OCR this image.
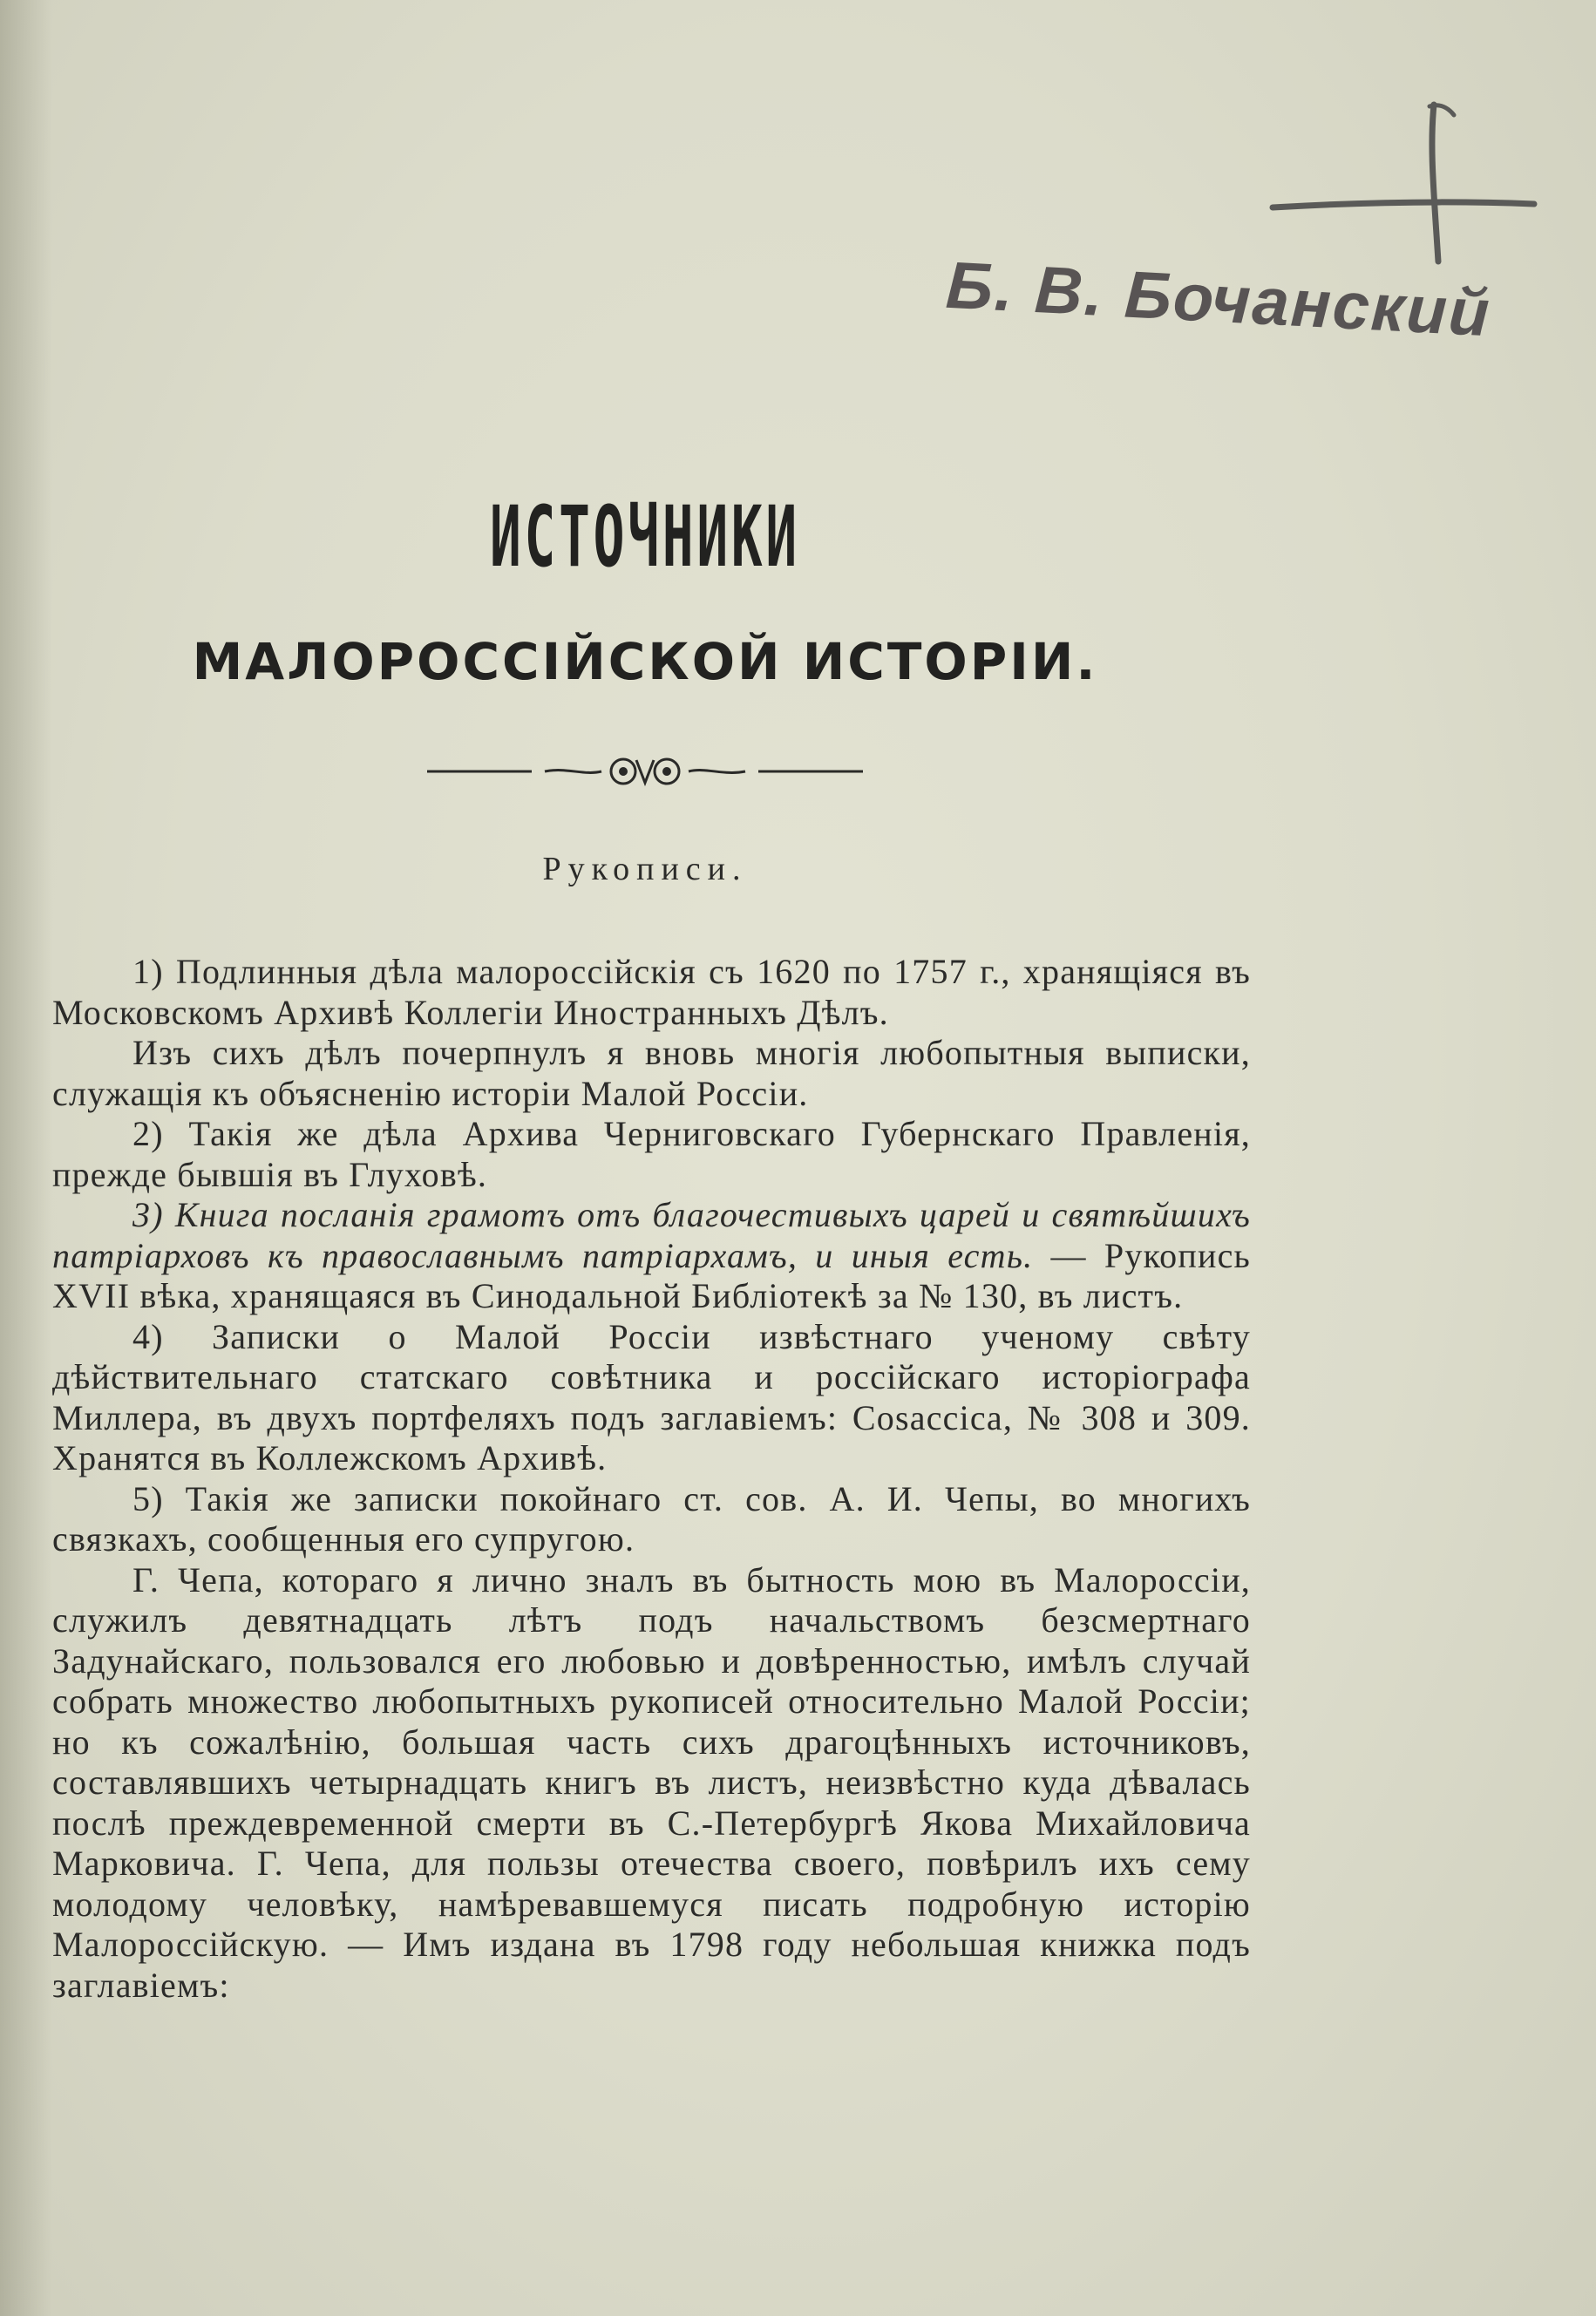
Б. В. Бочанский
ИСТОЧНИКИ
МАЛОРОССІЙСКОЙ ИСТОРІИ.
Рукописи.

1) Подлинныя дѣла малороссійскія съ 1620 по 1757 г., хранящіяся въ Московскомъ Архивѣ Коллегіи Иностранныхъ Дѣлъ.

Изъ сихъ дѣлъ почерпнулъ я вновь многія любопытныя выписки, служащія къ объясненію исторіи Малой Россіи.

2) Такія же дѣла Архива Черниговскаго Губернскаго Правленія, прежде бывшія въ Глуховѣ.

3) Книга посланія грамотъ отъ благочестивыхъ царей и святѣйшихъ патріарховъ къ православнымъ патріархамъ, и иныя есть. — Рукопись XVII вѣка, хранящаяся въ Синодальной Библіотекѣ за № 130, въ листъ.

4) Записки о Малой Россіи извѣстнаго ученому свѣту дѣйствительнаго статскаго совѣтника и россійскаго исторіографа Миллера, въ двухъ портфеляхъ подъ заглавіемъ: Cosaccica, № 308 и 309. Хранятся въ Коллежскомъ Архивѣ.

5) Такія же записки покойнаго ст. сов. А. И. Чепы, во многихъ связкахъ, сообщенныя его супругою.

Г. Чепа, котораго я лично зналъ въ бытность мою въ Малороссіи, служилъ девятнадцать лѣтъ подъ начальствомъ безсмертнаго Задунайскаго, пользовался его любовью и довѣренностью, имѣлъ случай собрать множество любопытныхъ рукописей относительно Малой Россіи; но къ сожалѣнію, большая часть сихъ драгоцѣнныхъ источниковъ, составлявшихъ четырнадцать книгъ въ листъ, неизвѣстно куда дѣвалась послѣ преждевременной смерти въ С.-Петербургѣ Якова Михайловича Марковича. Г. Чепа, для пользы отечества своего, повѣрилъ ихъ сему молодому человѣку, намѣревавшемуся писать подробную исторію Малороссійскую. — Имъ издана въ 1798 году небольшая книжка подъ заглавіемъ:
